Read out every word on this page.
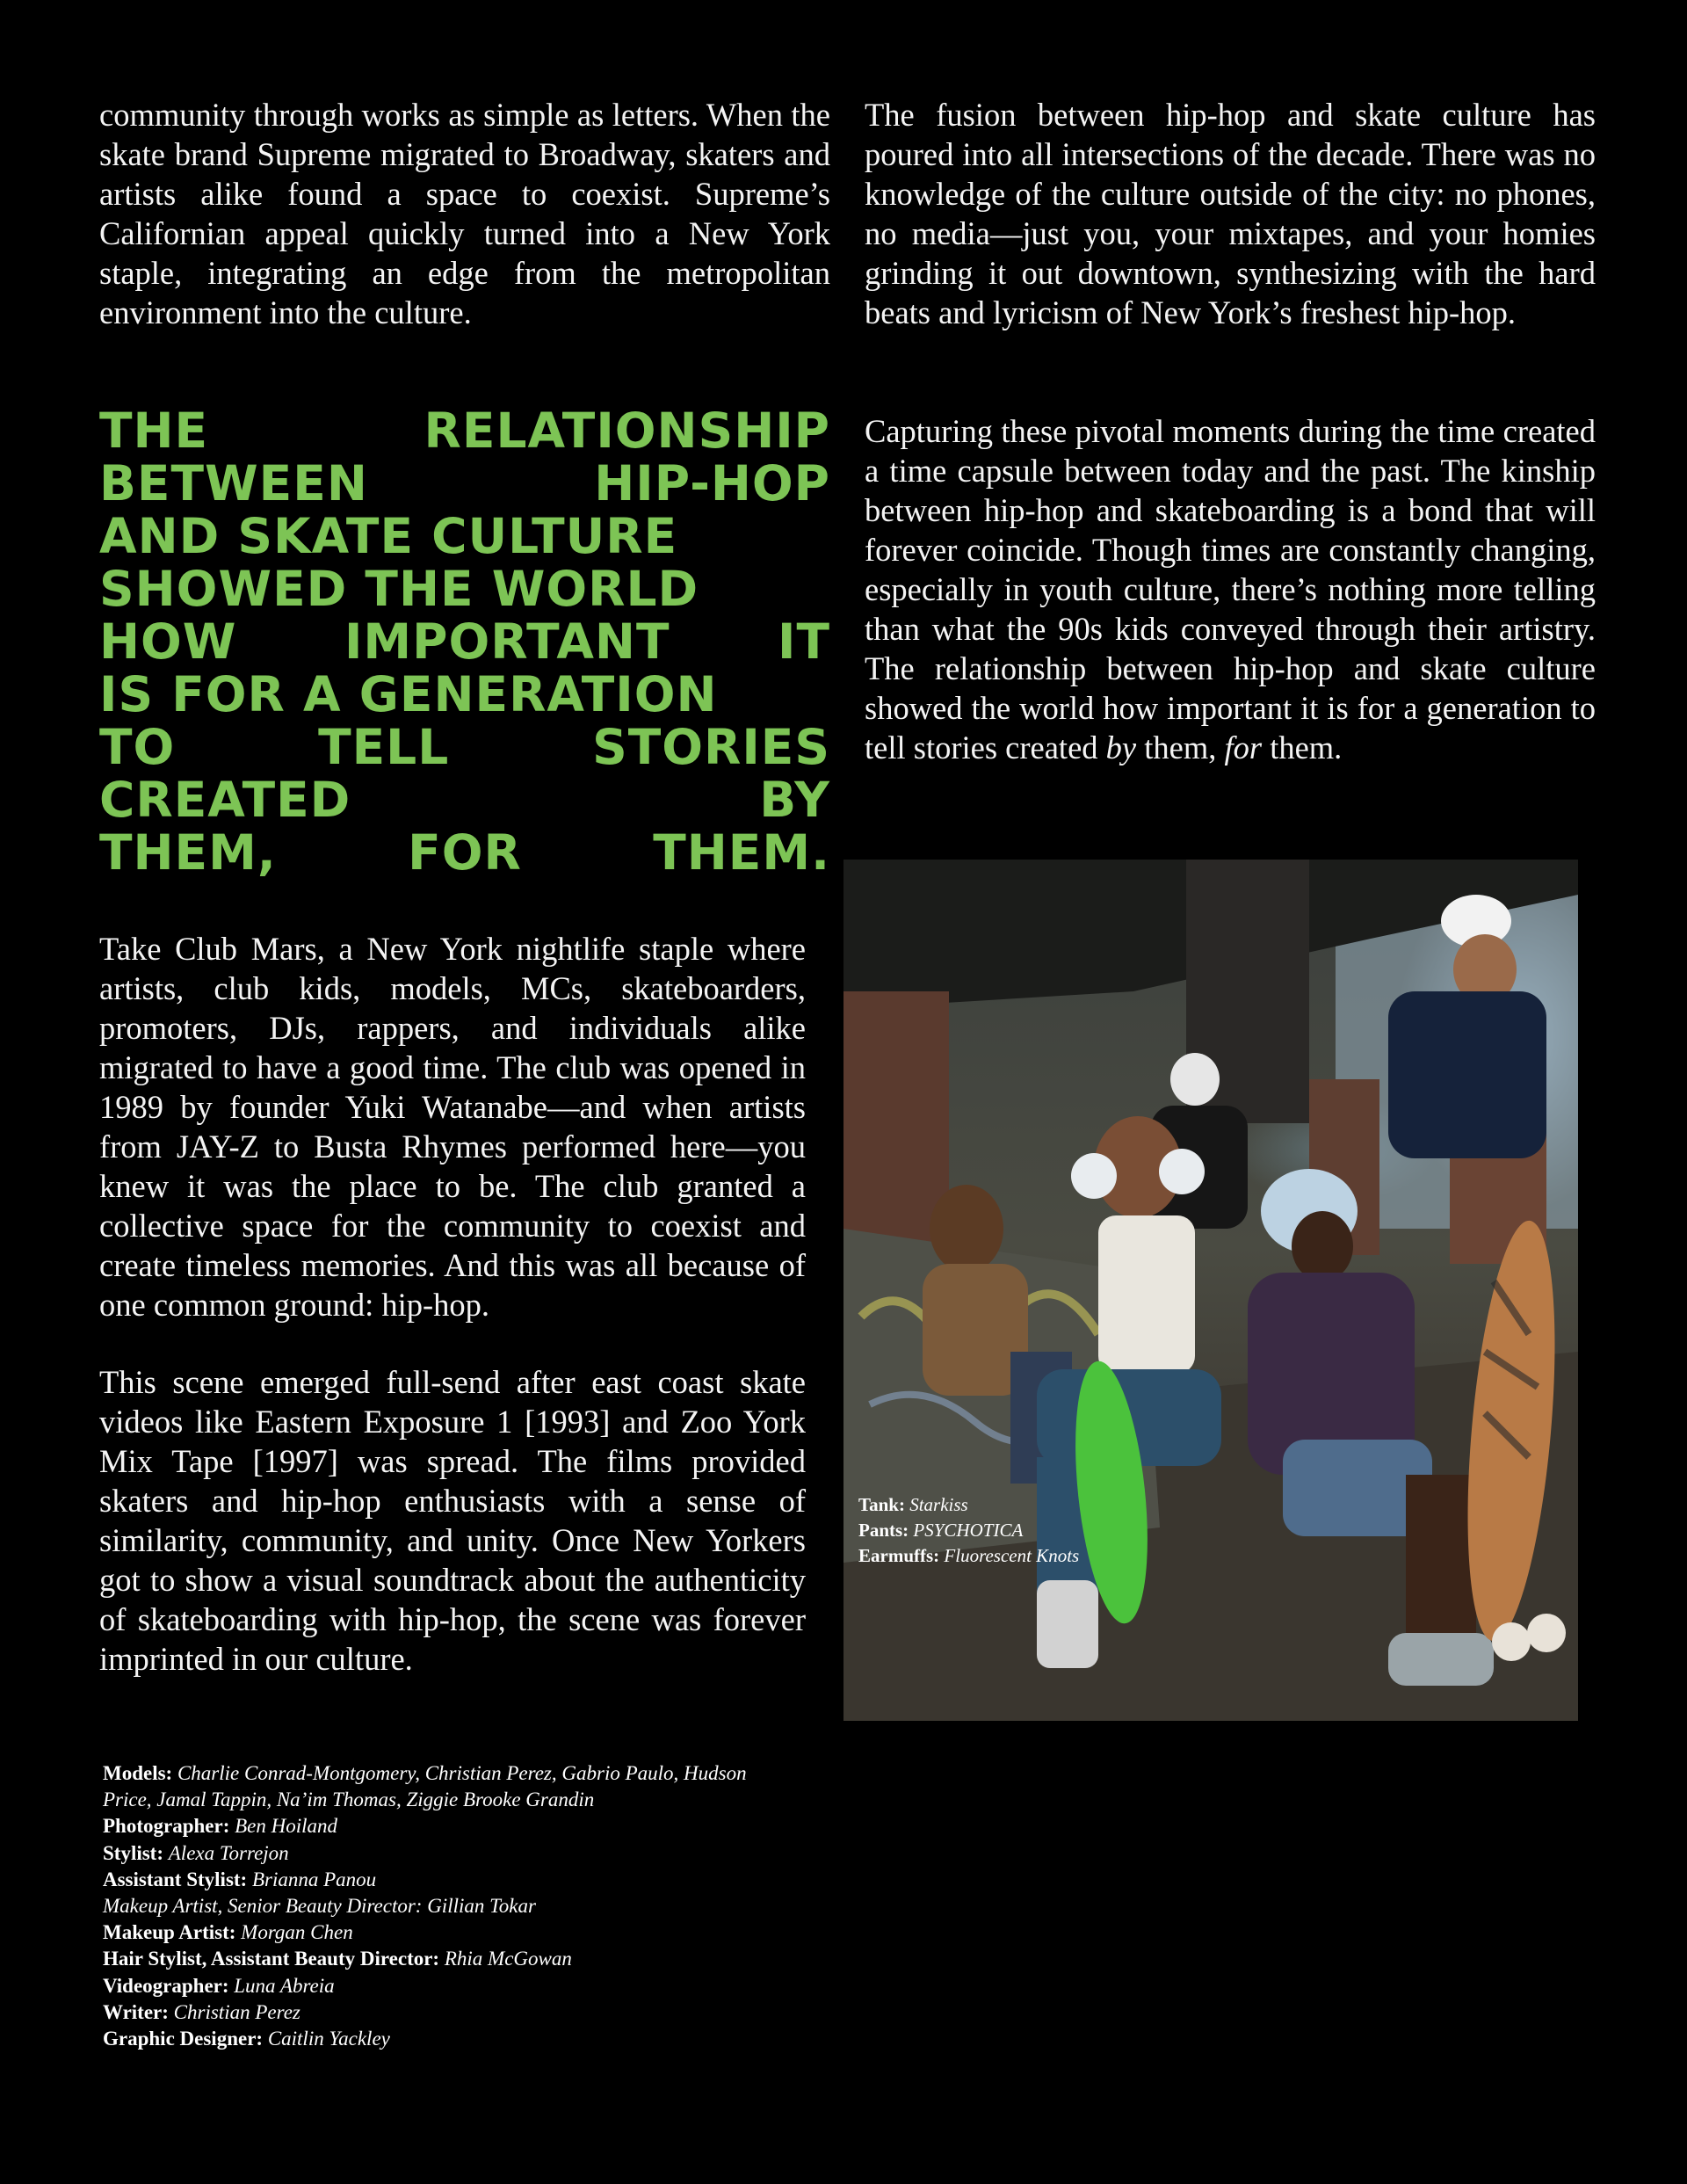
community through works as simple as letters. When the skate brand Supreme migrated to Broadway, skaters and artists alike found a space to coexist. Supreme’s Californian appeal quickly turned into a New York staple, integrating an edge from the metropolitan environment into the culture.

THE	RELATIONSHIP
BETWEEN	HIP-HOP
AND SKATE CULTURE
SHOWED THE WORLD
HOW IMPORTANT IT
IS FOR A GENERATION
TO	TELL	STORIES
CREATED	BY
THEM,	FOR	THEM.

Take Club Mars, a New York nightlife staple where artists, club kids, models, MCs, skateboarders, promoters, DJs, rappers, and individuals alike migrated to have a good time. The club was opened in 1989 by founder Yuki Watanabe—and when artists from JAY-Z to Busta Rhymes performed here—you knew it was the place to be. The club granted a collective space for the community to coexist and create timeless memories. And this was all because of one common ground: hip-hop.

This scene emerged full-send after east coast skate videos like Eastern Exposure 1 [1993] and Zoo York Mix Tape [1997] was spread. The films provided skaters and hip-hop enthusiasts with a sense of similarity, community, and unity. Once New Yorkers got to show a visual soundtrack about the authenticity of skateboarding with hip-hop, the scene was forever imprinted in our culture.

The fusion between hip-hop and skate culture has poured into all intersections of the decade. There was no knowledge of the culture outside of the city: no phones, no media—just you, your mixtapes, and your homies grinding it out downtown, synthesizing with the hard beats and lyricism of New York’s freshest hip-hop.

Capturing these pivotal moments during the time created a time capsule between today and the past. The kinship between hip-hop and skateboarding is a bond that will forever coincide. Though times are constantly changing, especially in youth culture, there’s nothing more telling than what the 90s kids conveyed through their artistry. The relationship between hip-hop and skate culture showed the world how important it is for a generation to tell stories created by them, for them.

Tank: Starkiss
Pants: PSYCHOTICA
Earmuffs: Fluorescent Knots
Models: Charlie Conrad-Montgomery, Christian Perez, Gabrio Paulo, Hudson Price, Jamal Tappin, Na’im Thomas, Ziggie Brooke Grandin
Photographer: Ben Hoiland
Stylist: Alexa Torrejon
Assistant Stylist: Brianna Panou
Makeup Artist, Senior Beauty Director: Gillian Tokar
Makeup Artist: Morgan Chen
Hair Stylist, Assistant Beauty Director: Rhia McGowan
Videographer: Luna Abreia
Writer: Christian Perez
Graphic Designer: Caitlin Yackley
